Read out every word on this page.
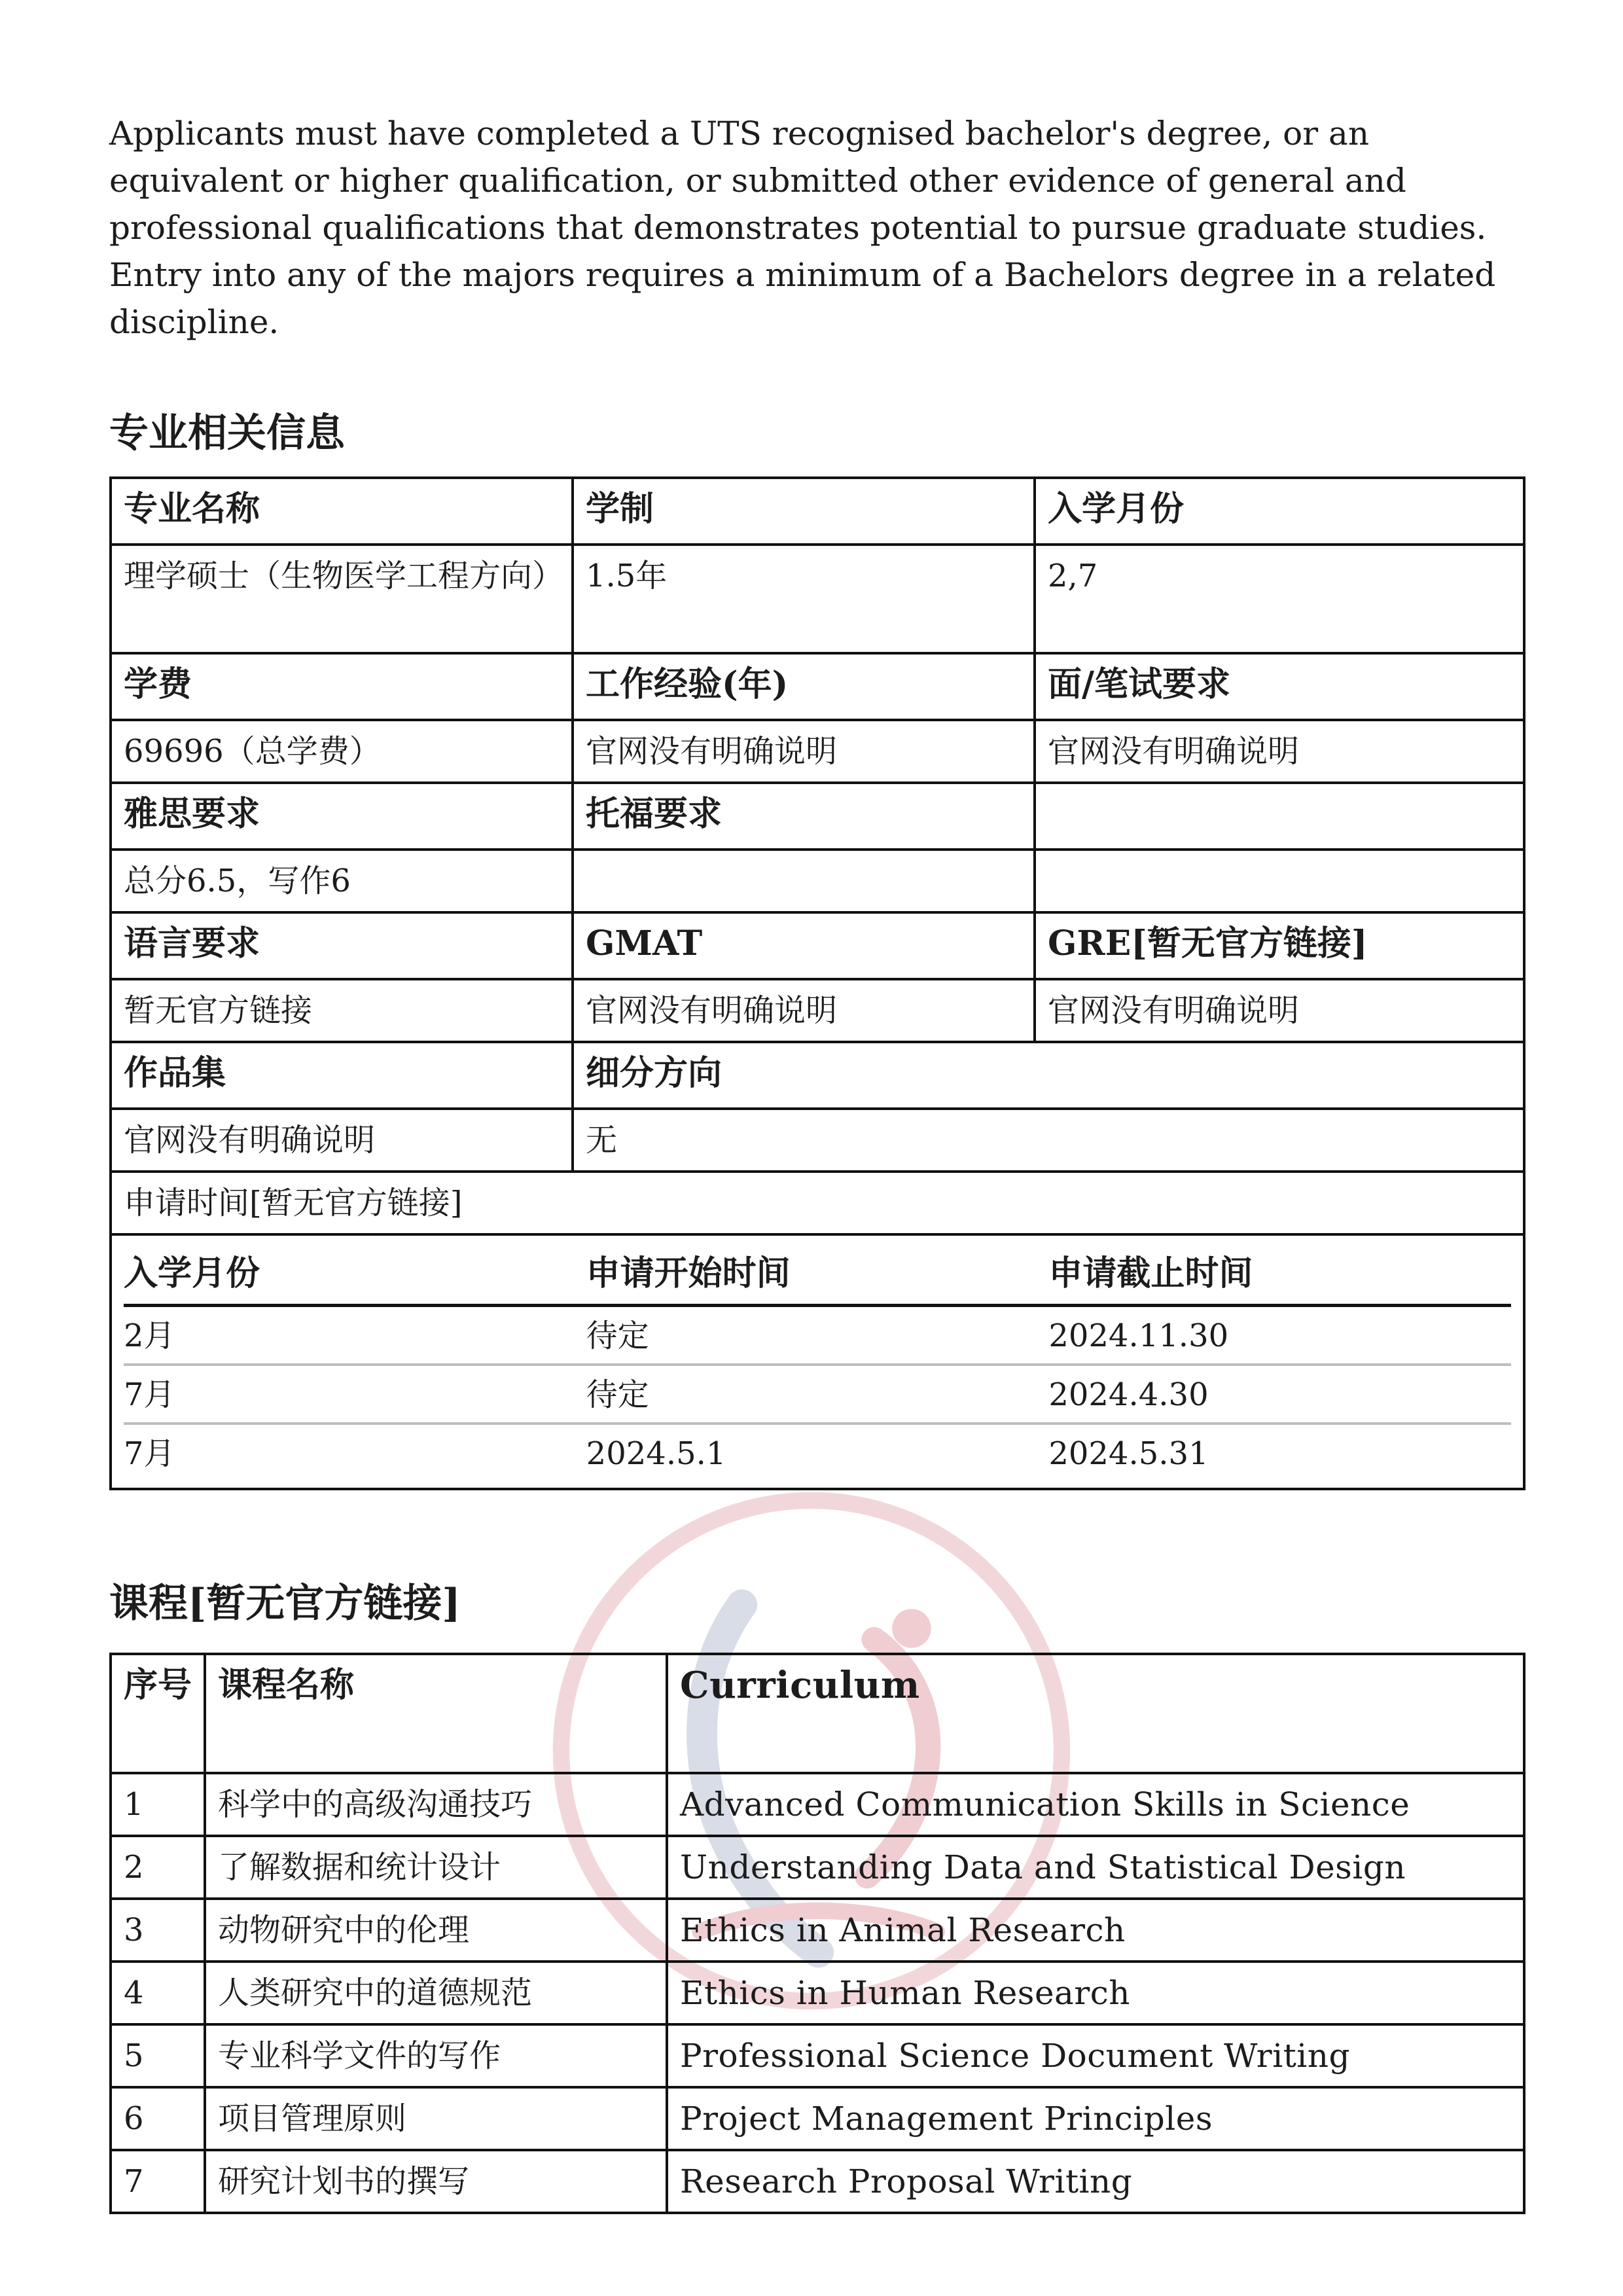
Applicants must have completed a UTS recognised bachelor's degree, or an equivalent or higher qualification, or submitted other evidence of general and professional qualifications that demonstrates potential to pursue graduate studies.

Entry into any of the majors requires a minimum of a Bachelors degree in a related discipline.

专业相关信息
专业名称	学制	入学月份
理学硕士（生物医学工程方向）	1.5年	2,7
学费	工作经验(年)	面/笔试要求
69696（总学费）	官网没有明确说明	官网没有明确说明
雅思要求	托福要求	
总分6.5，写作6		
语言要求	GMAT	GRE[暂无官方链接]
暂无官方链接	官网没有明确说明	官网没有明确说明
作品集	细分方向
官网没有明确说明	无
申请时间[暂无官方链接]

入学月份	申请开始时间	申请截止时间
2月	待定	2024.11.30
7月	待定	2024.4.30
7月	2024.5.1	2024.5.31
课程[暂无官方链接]
序号	课程名称	Curriculum
1	科学中的高级沟通技巧	Advanced Communication Skills in Science
2	了解数据和统计设计	Understanding Data and Statistical Design
3	动物研究中的伦理	Ethics in Animal Research
4	人类研究中的道德规范	Ethics in Human Research
5	专业科学文件的写作	Professional Science Document Writing
6	项目管理原则	Project Management Principles
7	研究计划书的撰写	Research Proposal Writing
